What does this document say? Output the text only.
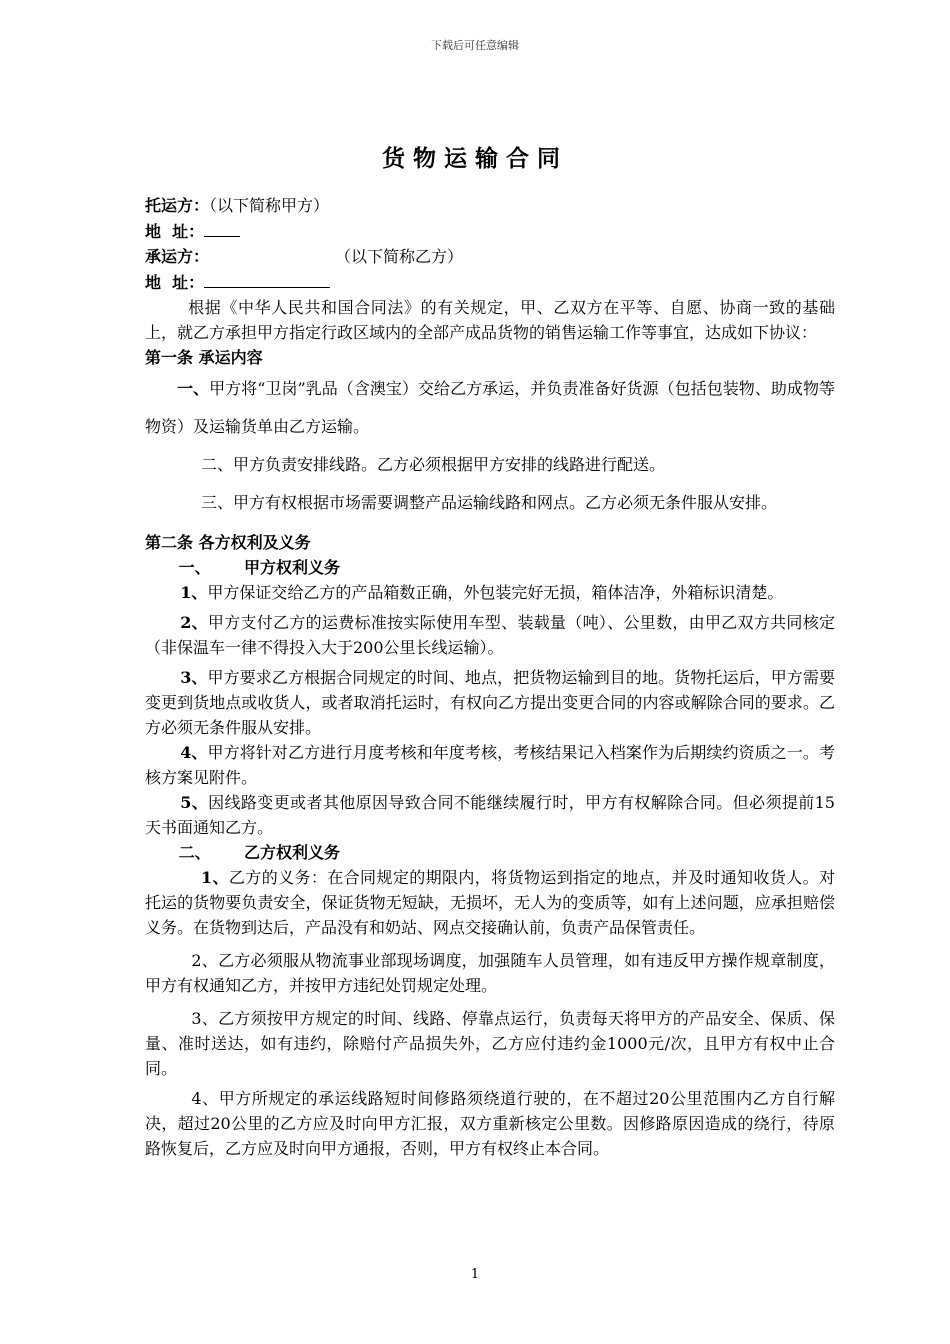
下载后可任意编辑
货物运输合同

托运方：（以下简称甲方）

地  址：

承运方：	（以下简称乙方）

地  址：

根据《中华人民共和国合同法》的有关规定，甲、乙双方在平等、自愿、协商一致的基础上，就乙方承担甲方指定行政区域内的全部产成品货物的销售运输工作等事宜，达成如下协议：

第一条 承运内容

一、甲方将“卫岗”乳品（含澳宝）交给乙方承运，并负责准备好货源（包括包装物、助成物等物资）及运输货单由乙方运输。

二、甲方负责安排线路。乙方必须根据甲方安排的线路进行配送。

三、甲方有权根据市场需要调整产品运输线路和网点。乙方必须无条件服从安排。

第二条 各方权利及义务

一、      甲方权利义务

1、甲方保证交给乙方的产品箱数正确，外包装完好无损，箱体洁净，外箱标识清楚。

2、甲方支付乙方的运费标准按实际使用车型、装载量（吨）、公里数，由甲乙双方共同核定（非保温车一律不得投入大于200公里长线运输）。

3、甲方要求乙方根据合同规定的时间、地点，把货物运输到目的地。货物托运后，甲方需要变更到货地点或收货人，或者取消托运时，有权向乙方提出变更合同的内容或解除合同的要求。乙方必须无条件服从安排。

4、甲方将针对乙方进行月度考核和年度考核，考核结果记入档案作为后期续约资质之一。考核方案见附件。

5、因线路变更或者其他原因导致合同不能继续履行时，甲方有权解除合同。但必须提前15天书面通知乙方。

二、      乙方权利义务

1、乙方的义务：在合同规定的期限内，将货物运到指定的地点，并及时通知收货人。对托运的货物要负责安全，保证货物无短缺，无损坏，无人为的变质等，如有上述问题，应承担赔偿义务。在货物到达后，产品没有和奶站、网点交接确认前，负责产品保管责任。

2、乙方必须服从物流事业部现场调度，加强随车人员管理，如有违反甲方操作规章制度，甲方有权通知乙方，并按甲方违纪处罚规定处理。

3、乙方须按甲方规定的时间、线路、停靠点运行，负责每天将甲方的产品安全、保质、保量、准时送达，如有违约，除赔付产品损失外，乙方应付违约金1000元/次，且甲方有权中止合同。

4、甲方所规定的承运线路短时间修路须绕道行驶的，在不超过20公里范围内乙方自行解决，超过20公里的乙方应及时向甲方汇报，双方重新核定公里数。因修路原因造成的绕行，待原路恢复后，乙方应及时向甲方通报，否则，甲方有权终止本合同。

1
